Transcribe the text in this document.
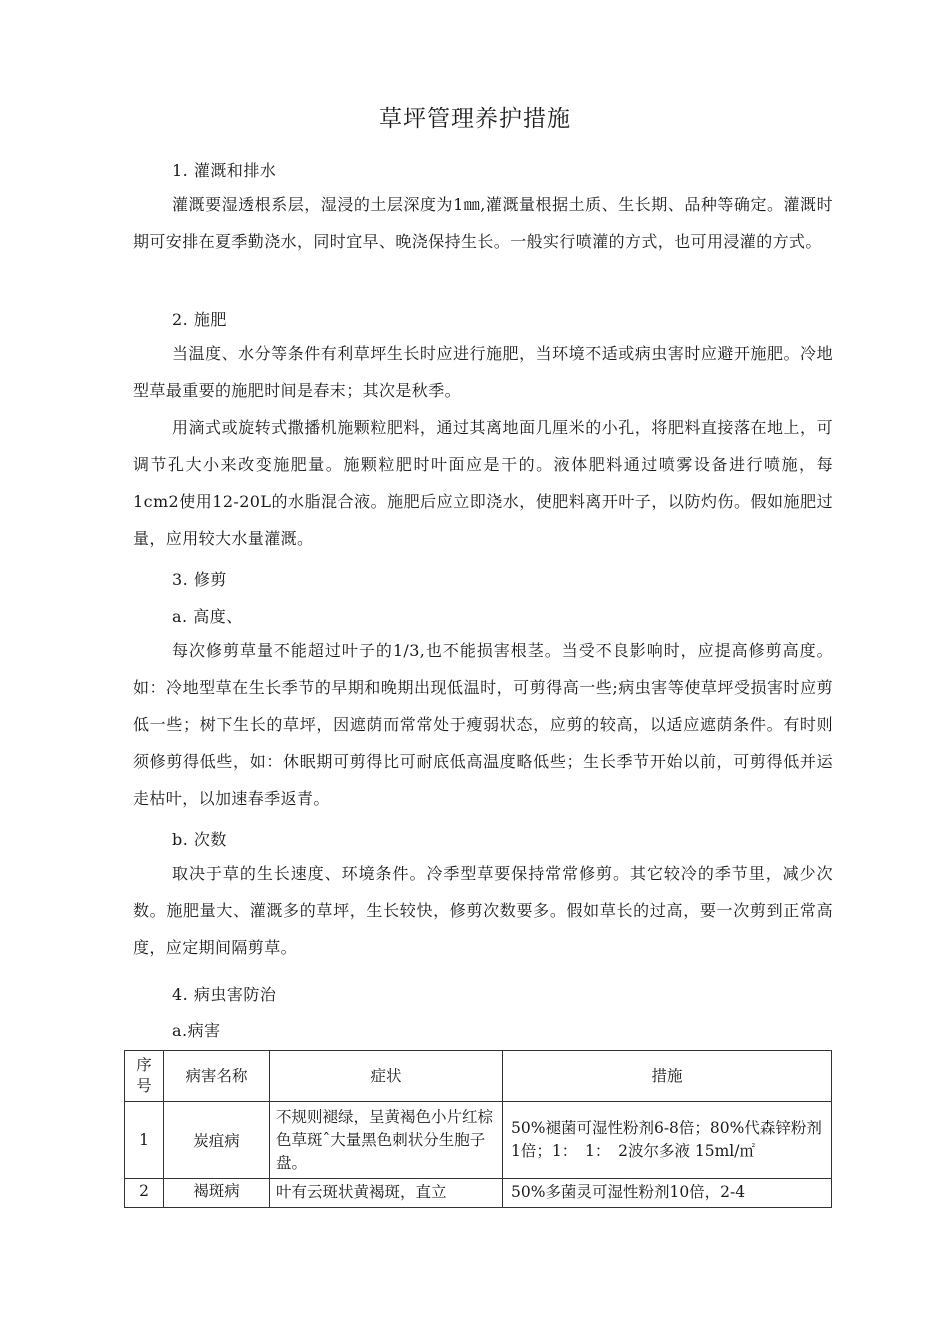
草坪管理养护措施
1. 灌溉和排水
灌溉要湿透根系层，湿浸的土层深度为1㎜,灌溉量根据土质、生长期、品种等确定。灌溉时期可安排在夏季勤浇水，同时宜早、晚浇保持生长。一般实行喷灌的方式，也可用浸灌的方式。
2. 施肥
当温度、水分等条件有利草坪生长时应进行施肥，当环境不适或病虫害时应避开施肥。冷地型草最重要的施肥时间是春末；其次是秋季。
用滴式或旋转式撒播机施颗粒肥料，通过其离地面几厘米的小孔，将肥料直接落在地上，可调节孔大小来改变施肥量。施颗粒肥时叶面应是干的。液体肥料通过喷雾设备进行喷施，每1cm2使用12-20L的水脂混合液。施肥后应立即浇水，使肥料离开叶子，以防灼伤。假如施肥过量，应用较大水量灌溉。
3. 修剪
a. 高度、
每次修剪草量不能超过叶子的1/3,也不能损害根茎。当受不良影响时，应提高修剪高度。如：冷地型草在生长季节的早期和晚期出现低温时，可剪得高一些;病虫害等使草坪受损害时应剪低一些；树下生长的草坪，因遮荫而常常处于瘦弱状态，应剪的较高，以适应遮荫条件。有时则须修剪得低些，如：休眠期可剪得比可耐底低高温度略低些；生长季节开始以前，可剪得低并运走枯叶，以加速春季返青。
b. 次数
取决于草的生长速度、环境条件。冷季型草要保持常常修剪。其它较冷的季节里，减少次数。施肥量大、灌溉多的草坪，生长较快，修剪次数要多。假如草长的过高，要一次剪到正常高度，应定期间隔剪草。
4. 病虫害防治
a.病害
序
号	病害名称	症状	措施
1	炭疽病	不规则褪绿，呈黄褐色小片红棕色草斑ˆ大量黑色刺状分生胞子盘。	50%褪菌可湿性粉剂6-8倍；80%代森锌粉剂1倍；1：　1：　2波尔多液 15ml/㎡
2	褐斑病	叶有云斑状黄褐斑，直立	50%多菌灵可湿性粉剂10倍，2-4
